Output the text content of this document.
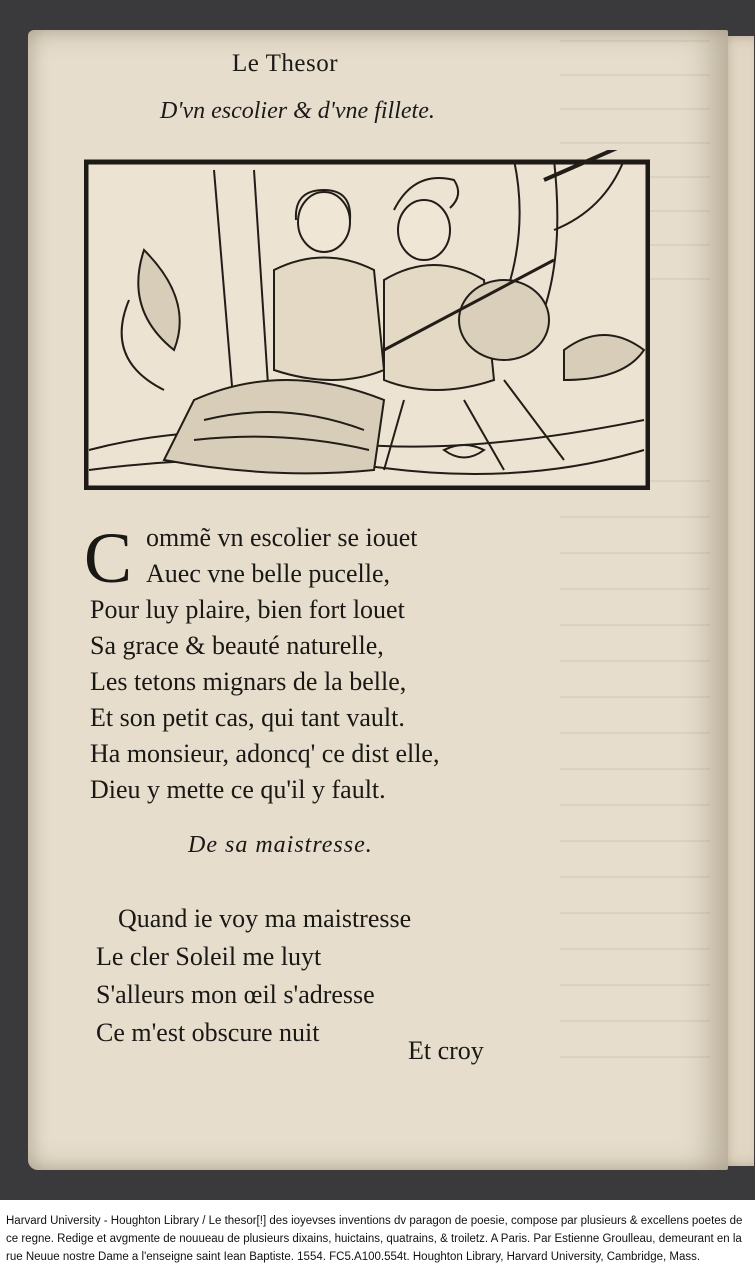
Le Thesor
D'vn escolier & d'vne fillete.
C ommẽ vn escolier se iouet
Auec vne belle pucelle,
Pour luy plaire, bien fort louet
Sa grace & beauté naturelle,
Les tetons mignars de la belle,
Et son petit cas, qui tant vault.
Ha monsieur, adoncq' ce dist elle,
Dieu y mette ce qu'il y fault.
De sa maistresse.
Quand ie voy ma maistresse
Le cler Soleil me luyt
S'alleurs mon œil s'adresse
Ce m'est obscure nuit
Et croy
Harvard University - Houghton Library / Le thesor[!] des ioyevses inventions dv paragon de poesie, compose par plusieurs & excellens poetes de ce regne. Redige et avgmente de nouueau de plusieurs dixains, huictains, quatrains, & troiletz. A Paris. Par Estienne Groulleau, demeurant en la rue Neuue nostre Dame a l'enseigne saint Iean Baptiste. 1554. FC5.A100.554t. Houghton Library, Harvard University, Cambridge, Mass.
